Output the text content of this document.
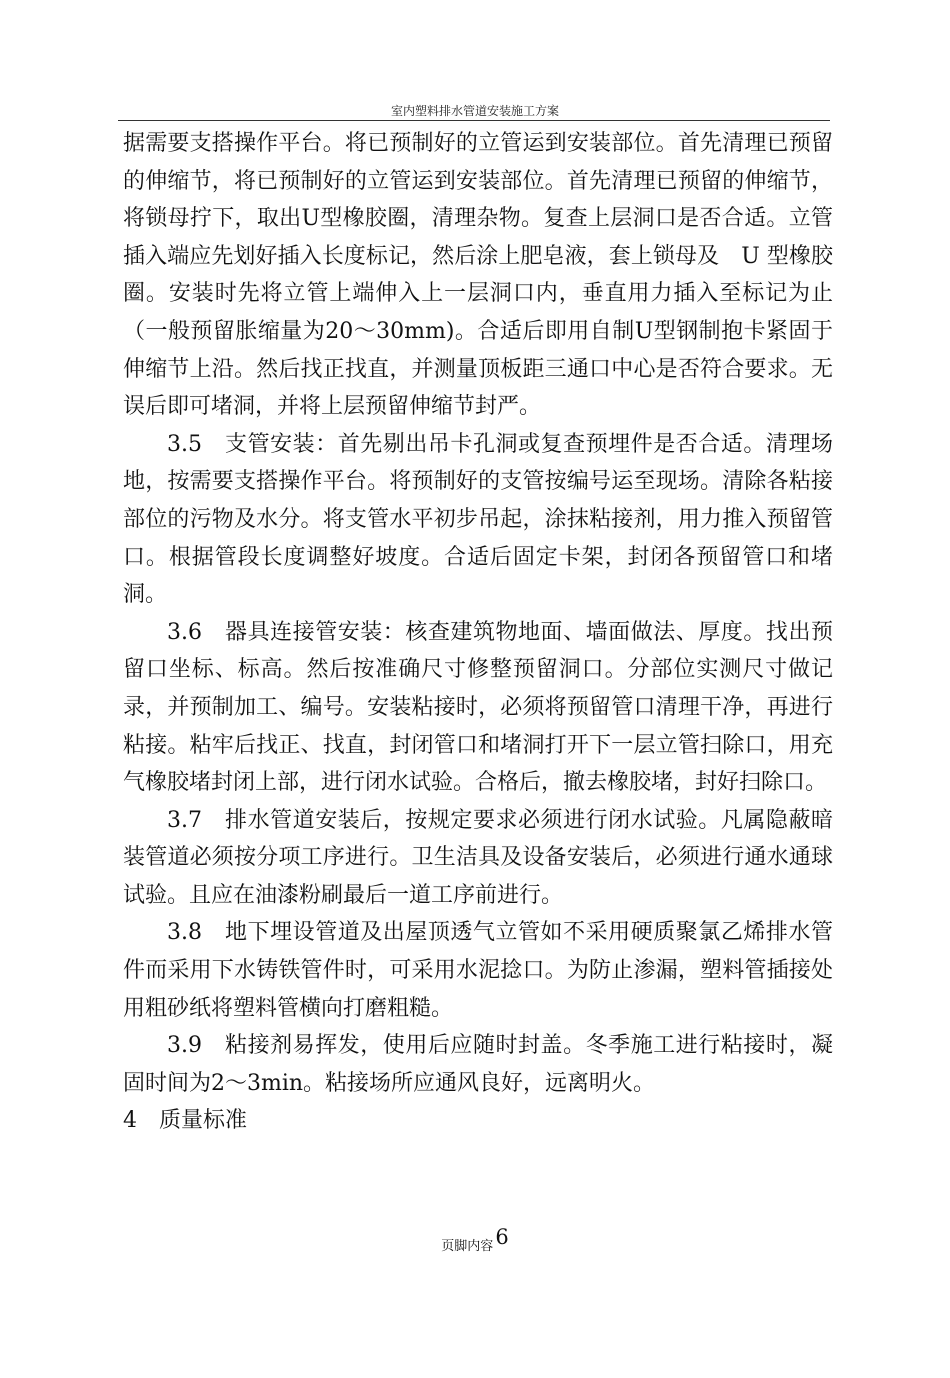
室内塑料排水管道安装施工方案

据需要支搭操作平台。将已预制好的立管运到安装部位。首先清理已预留的伸缩节，将已预制好的立管运到安装部位。首先清理已预留的伸缩节，将锁母拧下，取出U型橡胶圈，清理杂物。复查上层洞口是否合适。立管插入端应先划好插入长度标记，然后涂上肥皂液，套上锁母及　U 型橡胶圈。安装时先将立管上端伸入上一层洞口内，垂直用力插入至标记为止（一般预留胀缩量为20～30mm)。合适后即用自制U型钢制抱卡紧固于伸缩节上沿。然后找正找直，并测量顶板距三通口中心是否符合要求。无误后即可堵洞，并将上层预留伸缩节封严。

3.5　支管安装：首先剔出吊卡孔洞或复查预埋件是否合适。清理场地，按需要支搭操作平台。将预制好的支管按编号运至现场。清除各粘接部位的污物及水分。将支管水平初步吊起，涂抹粘接剂，用力推入预留管口。根据管段长度调整好坡度。合适后固定卡架，封闭各预留管口和堵洞。

3.6　器具连接管安装：核查建筑物地面、墙面做法、厚度。找出预留口坐标、标高。然后按准确尺寸修整预留洞口。分部位实测尺寸做记录，并预制加工、编号。安装粘接时，必须将预留管口清理干净，再进行粘接。粘牢后找正、找直，封闭管口和堵洞打开下一层立管扫除口，用充气橡胶堵封闭上部，进行闭水试验。合格后，撤去橡胶堵，封好扫除口。

3.7　排水管道安装后，按规定要求必须进行闭水试验。凡属隐蔽暗装管道必须按分项工序进行。卫生洁具及设备安装后，必须进行通水通球试验。且应在油漆粉刷最后一道工序前进行。

3.8　地下埋设管道及出屋顶透气立管如不采用硬质聚氯乙烯排水管件而采用下水铸铁管件时，可采用水泥捻口。为防止渗漏，塑料管插接处用粗砂纸将塑料管横向打磨粗糙。

3.9　粘接剂易挥发，使用后应随时封盖。冬季施工进行粘接时，凝固时间为2～3min。粘接场所应通风良好，远离明火。

4　质量标准

页脚内容6
